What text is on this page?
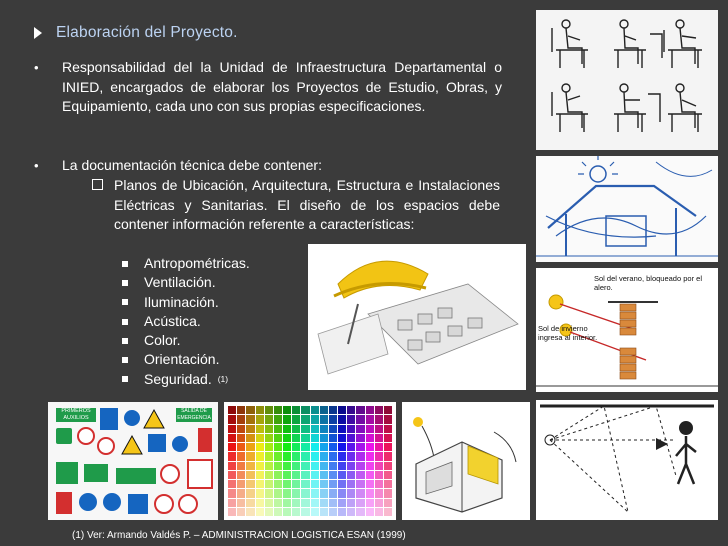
Elaboración del Proyecto.
• Responsabilidad del la Unidad de Infraestructura Departamental o INIED, encargados de elaborar los Proyectos de Estudio, Obras, y Equipamiento, cada uno con sus propias especificaciones.
• La documentación técnica debe contener:
Planos de Ubicación, Arquitectura, Estructura e Instalaciones Eléctricas y Sanitarias. El diseño de los espacios debe contener información referente a características:
Antropométricas.
Ventilación.
Iluminación.
Acústica.
Color.
Orientación.
Seguridad. (1)
(1) Ver: Armando Valdés P. – ADMINISTRACION LOGISTICA ESAN (1999)
Sol del verano, bloqueado por el alero.
Sol de invierno ingresa al interior.
PRIMEROS AUXILIOS
SALIDA DE EMERGENCIA
